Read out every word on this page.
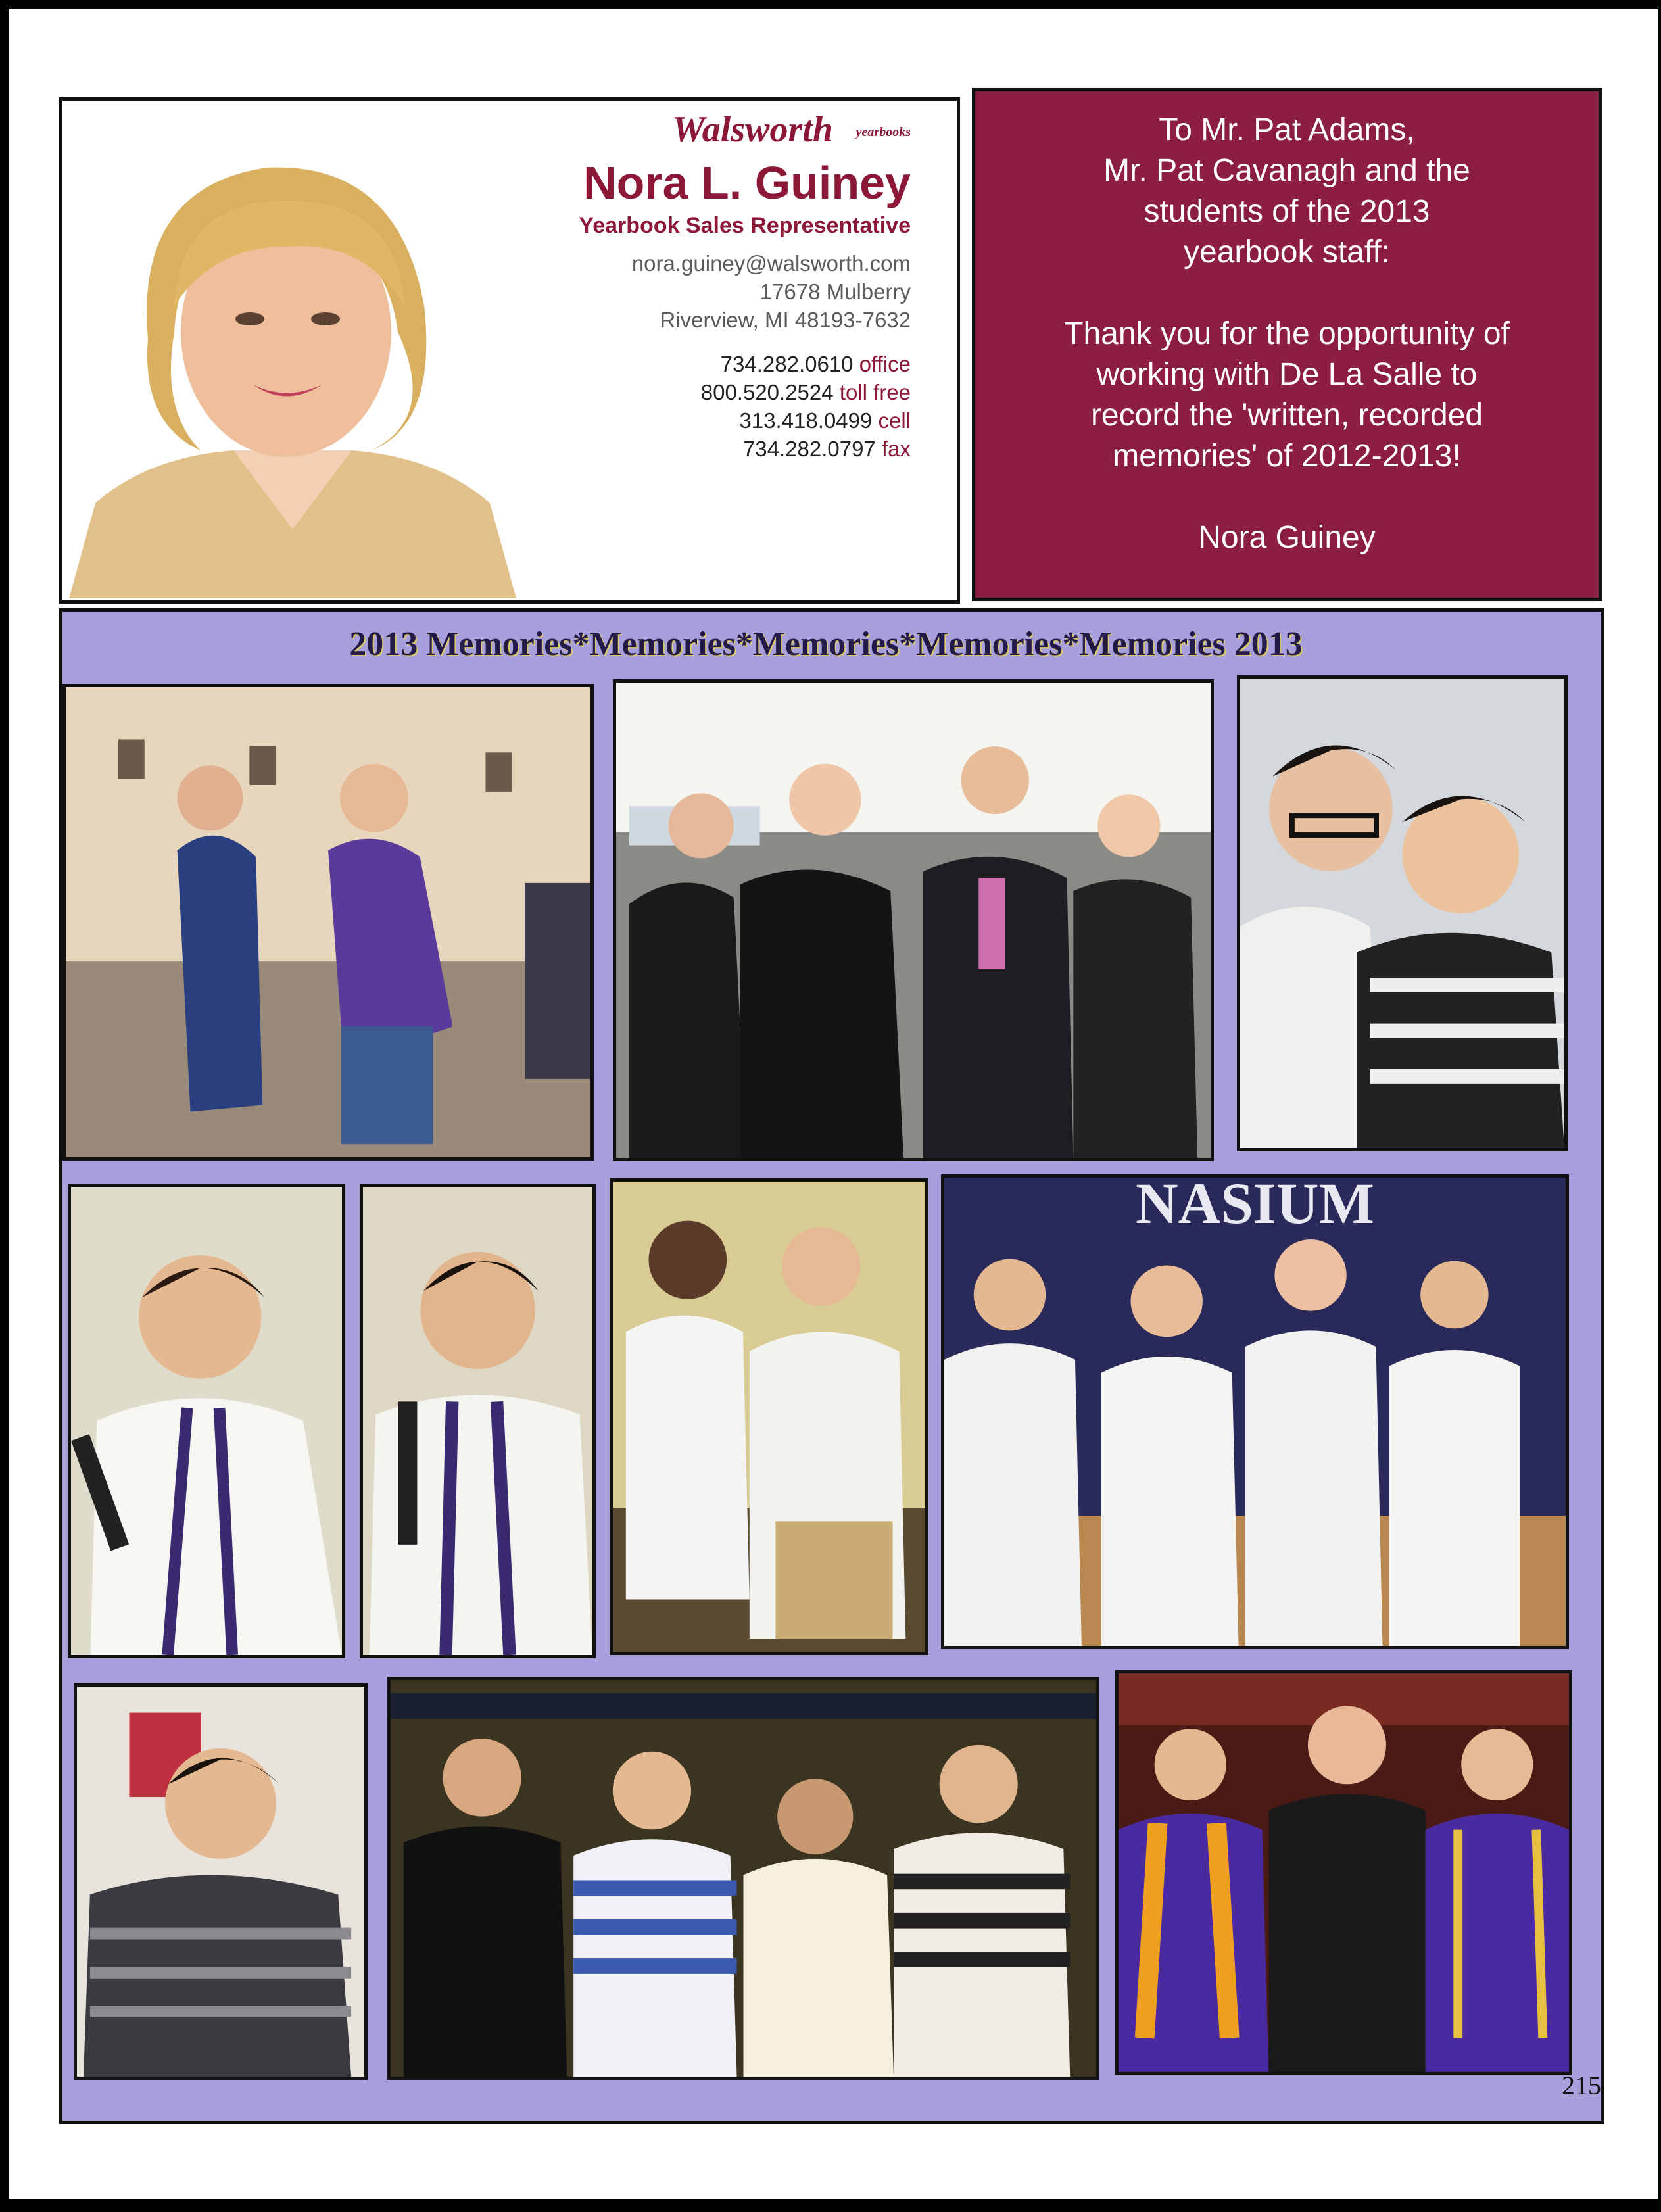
Walsworth yearbooks
Nora L. Guiney
Yearbook Sales Representative
nora.guiney@walsworth.com
17678 Mulberry
Riverview, MI 48193-7632
734.282.0610 office
800.520.2524 toll free
313.418.0499 cell
734.282.0797 fax

To Mr. Pat Adams,

Mr. Pat Cavanagh and the

students of the 2013

yearbook staff:

Thank you for the opportunity of

working with De La Salle to

record the 'written, recorded

memories' of 2012-2013!

Nora Guiney

2013 Memories*Memories*Memories*Memories*Memories 2013
NASIUM
215
